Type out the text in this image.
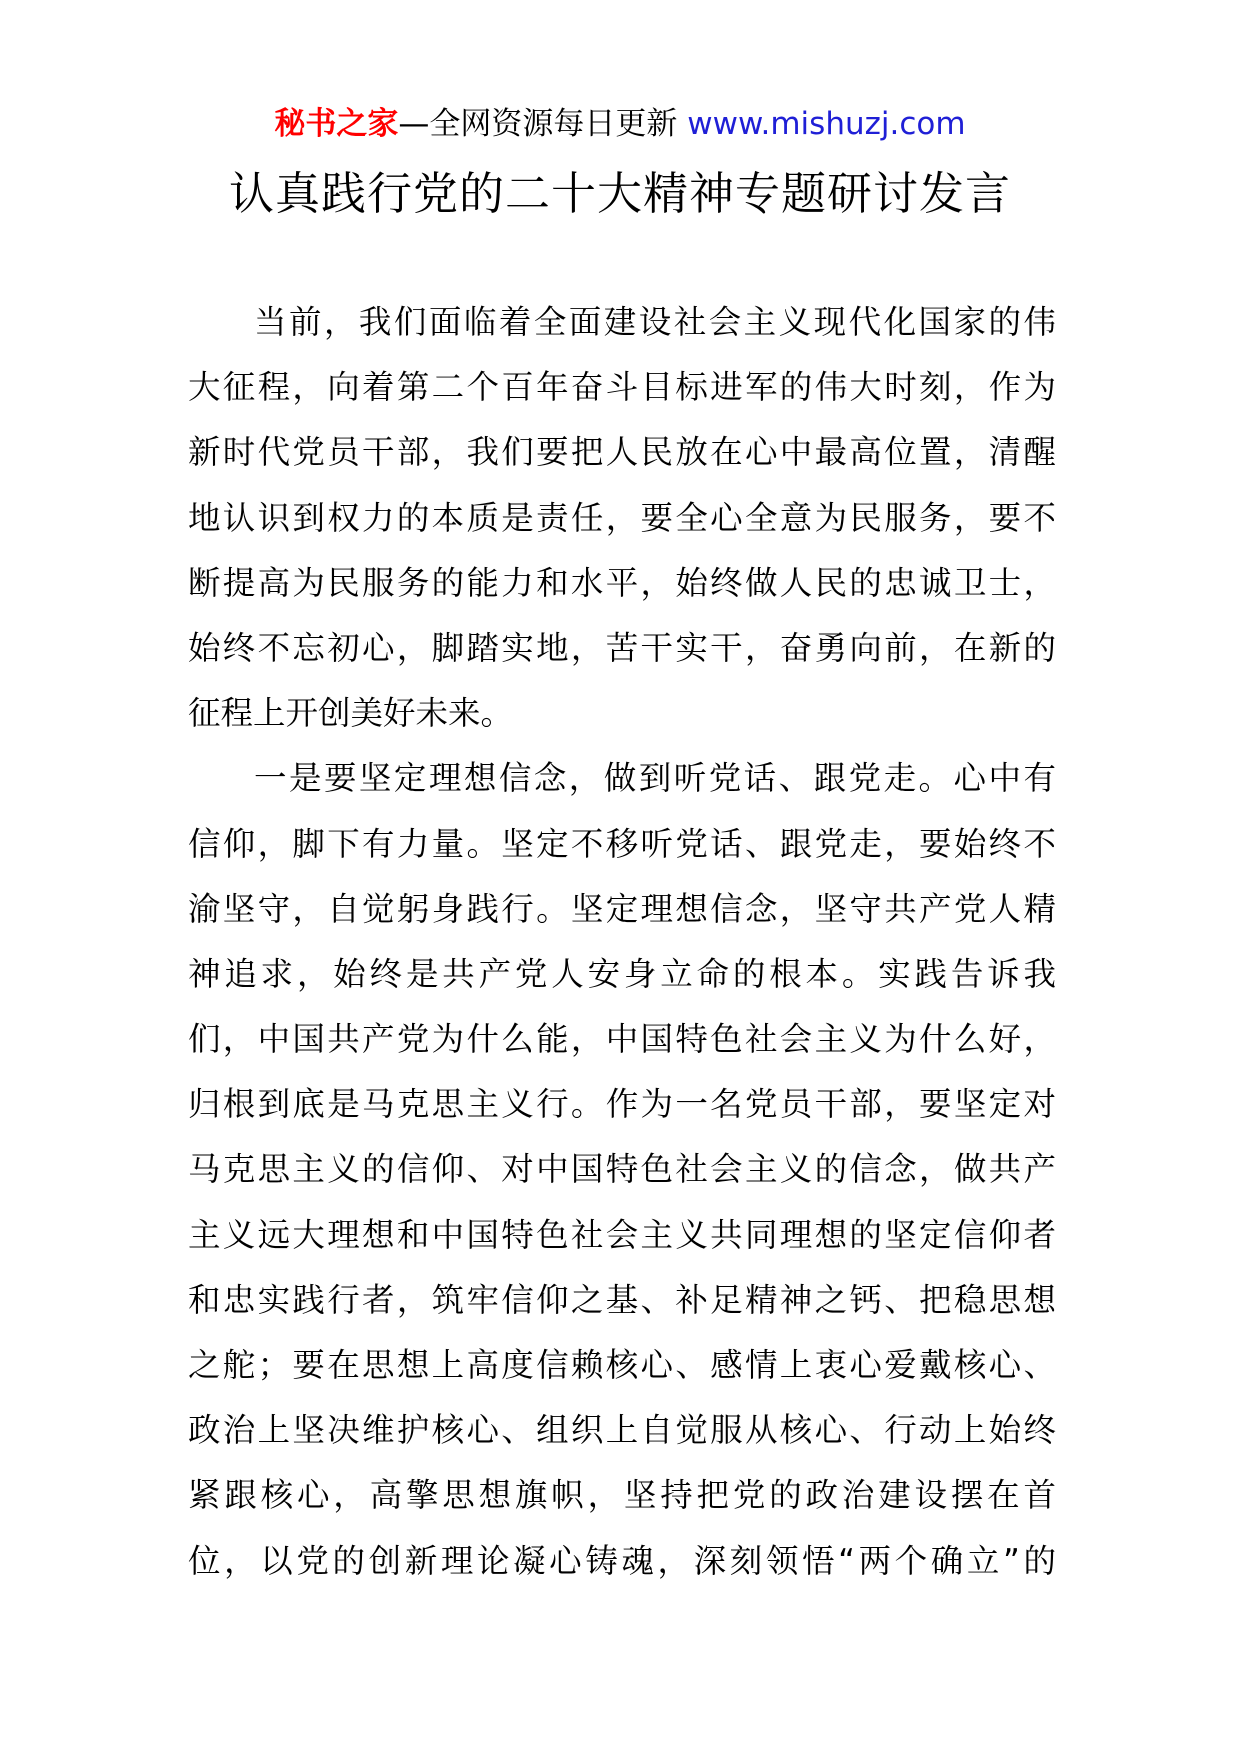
秘书之家—全网资源每日更新 www.mishuzj.com
认真践行党的二十大精神专题研讨发言
当前，我们面临着全面建设社会主义现代化国家的伟
大征程，向着第二个百年奋斗目标进军的伟大时刻，作为
新时代党员干部，我们要把人民放在心中最高位置，清醒
地认识到权力的本质是责任，要全心全意为民服务，要不
断提高为民服务的能力和水平，始终做人民的忠诚卫士，
始终不忘初心，脚踏实地，苦干实干，奋勇向前，在新的
征程上开创美好未来。
一是要坚定理想信念，做到听党话、跟党走。心中有
信仰，脚下有力量。坚定不移听党话、跟党走，要始终不
渝坚守，自觉躬身践行。坚定理想信念，坚守共产党人精
神追求，始终是共产党人安身立命的根本。实践告诉我
们，中国共产党为什么能，中国特色社会主义为什么好，
归根到底是马克思主义行。作为一名党员干部，要坚定对
马克思主义的信仰、对中国特色社会主义的信念，做共产
主义远大理想和中国特色社会主义共同理想的坚定信仰者
和忠实践行者，筑牢信仰之基、补足精神之钙、把稳思想
之舵；要在思想上高度信赖核心、感情上衷心爱戴核心、
政治上坚决维护核心、组织上自觉服从核心、行动上始终
紧跟核心，高擎思想旗帜，坚持把党的政治建设摆在首
位，以党的创新理论凝心铸魂，深刻领悟“两个确立”的
